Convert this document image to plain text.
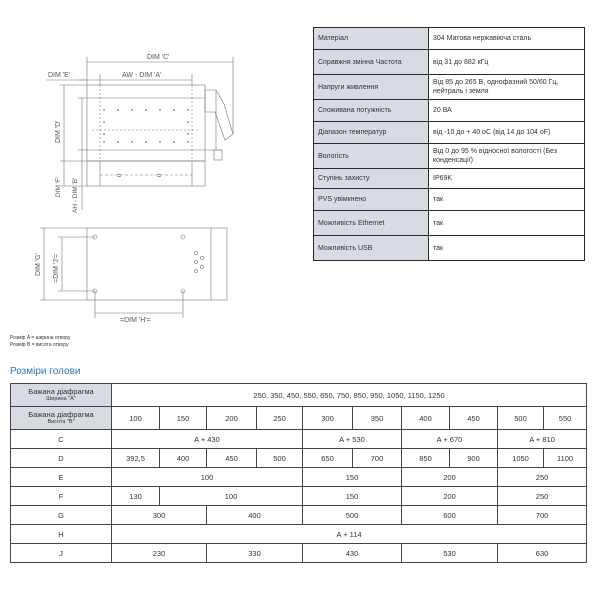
DIM 'C'
DIM 'E'	AW - DIM 'A'
DIM 'D'
DIM 'F' AH - DIM 'B'
=	=
DIM 'G' =DIM 'J'=
=DIM 'H'=
Матеріал	304 Матова нержавіюча сталь
Справжня змінна Частота	від 31 до 882 кГц
Напруги живлення	Від 85 до 265 В, однофазний 50/60 Гц, нейтраль і земля
Споживана потужність	20 ВА
Діапазон температур	від -10 до + 40 оС (від 14 до 104 оF)
Вологість	Від 0 до 95 % відносної вологості (Без конденсації)
Ступінь захисту	IP69K
PVS увімкнено	так
Можливість Ethernet	так
Можливість USB	так
Розмір A = ширина отвору
Розмір B = висота отвору
Розміри голови
Бажана діафрагма
Ширина "А"	250, 350, 450, 550, 650, 750, 850, 950, 1050, 1150, 1250									
Бажана діафрагма
Висота "В"	100	150	200	250	300	350	400	450	500	550
C	A + 430				A + 530		A + 670		A + 810	
D	392,5	400	450	500	650	700	850	900	1050	1100
E	100				150		200		250	
F	130	100			150		200		250	
G	300		400		500		600		700	
H	A + 114									
J	230		330		430		530		630	
